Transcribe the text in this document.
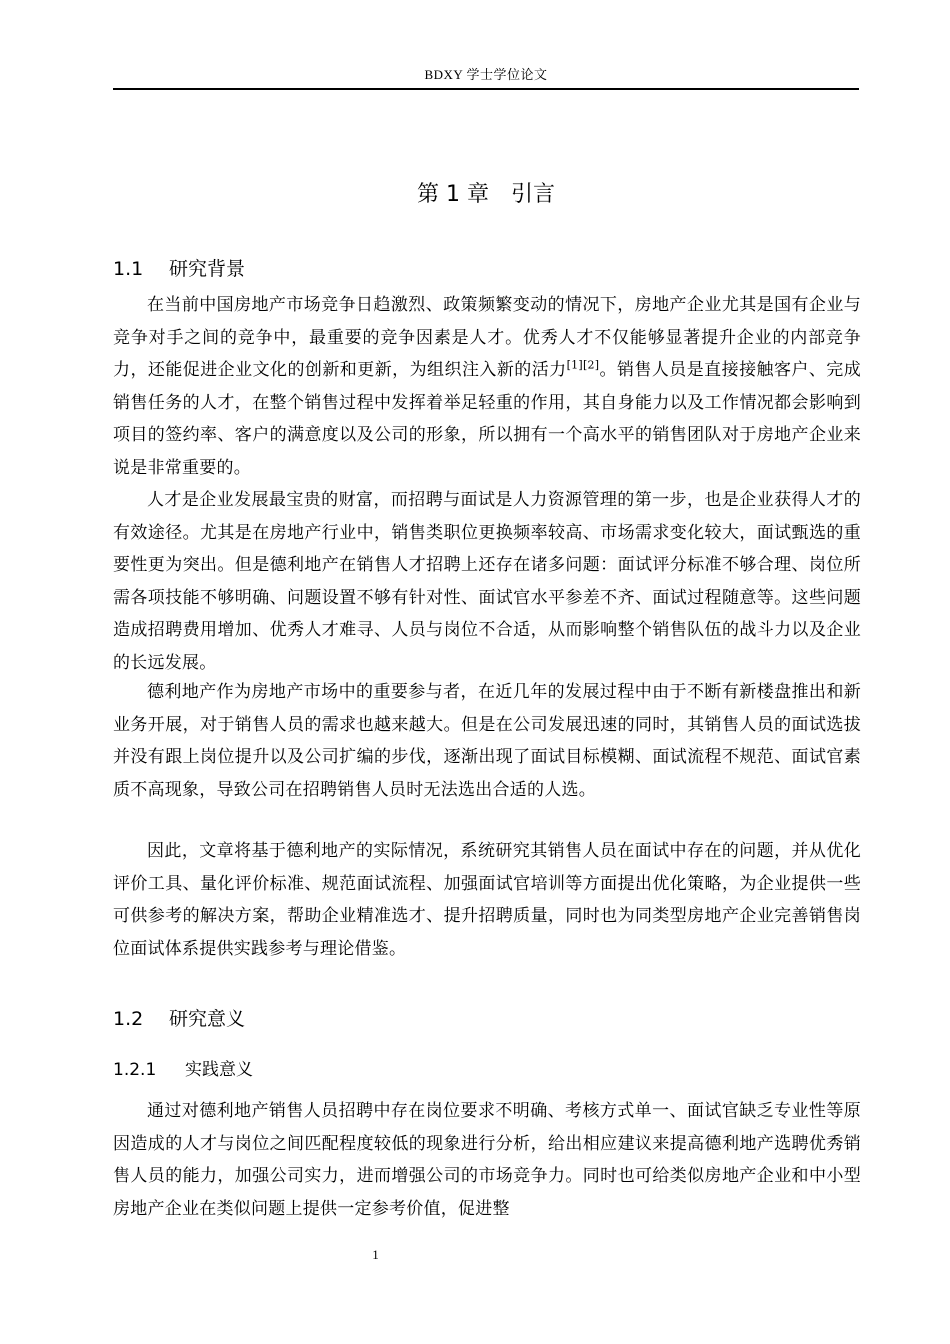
BDXY 学士学位论文
第 1 章 引言
1.1 研究背景

在当前中国房地产市场竞争日趋激烈、政策频繁变动的情况下，房地产企业尤其是国有企业与竞争对手之间的竞争中，最重要的竞争因素是人才。优秀人才不仅能够显著提升企业的内部竞争力，还能促进企业文化的创新和更新，为组织注入新的活力[1][2]。销售人员是直接接触客户、完成销售任务的人才，在整个销售过程中发挥着举足轻重的作用，其自身能力以及工作情况都会影响到项目的签约率、客户的满意度以及公司的形象，所以拥有一个高水平的销售团队对于房地产企业来说是非常重要的。

人才是企业发展最宝贵的财富，而招聘与面试是人力资源管理的第一步，也是企业获得人才的有效途径。尤其是在房地产行业中，销售类职位更换频率较高、市场需求变化较大，面试甄选的重要性更为突出。但是德利地产在销售人才招聘上还存在诸多问题：面试评分标准不够合理、岗位所需各项技能不够明确、问题设置不够有针对性、面试官水平参差不齐、面试过程随意等。这些问题造成招聘费用增加、优秀人才难寻、人员与岗位不合适，从而影响整个销售队伍的战斗力以及企业的长远发展。

德利地产作为房地产市场中的重要参与者，在近几年的发展过程中由于不断有新楼盘推出和新业务开展，对于销售人员的需求也越来越大。但是在公司发展迅速的同时，其销售人员的面试选拔并没有跟上岗位提升以及公司扩编的步伐，逐渐出现了面试目标模糊、面试流程不规范、面试官素质不高现象，导致公司在招聘销售人员时无法选出合适的人选。

因此，文章将基于德利地产的实际情况，系统研究其销售人员在面试中存在的问题，并从优化评价工具、量化评价标准、规范面试流程、加强面试官培训等方面提出优化策略，为企业提供一些可供参考的解决方案，帮助企业精准选才、提升招聘质量，同时也为同类型房地产企业完善销售岗位面试体系提供实践参考与理论借鉴。

1.2 研究意义
1.2.1 实践意义

通过对德利地产销售人员招聘中存在岗位要求不明确、考核方式单一、面试官缺乏专业性等原因造成的人才与岗位之间匹配程度较低的现象进行分析，给出相应建议来提高德利地产选聘优秀销售人员的能力，加强公司实力，进而增强公司的市场竞争力。同时也可给类似房地产企业和中小型房地产企业在类似问题上提供一定参考价值，促进整

1
